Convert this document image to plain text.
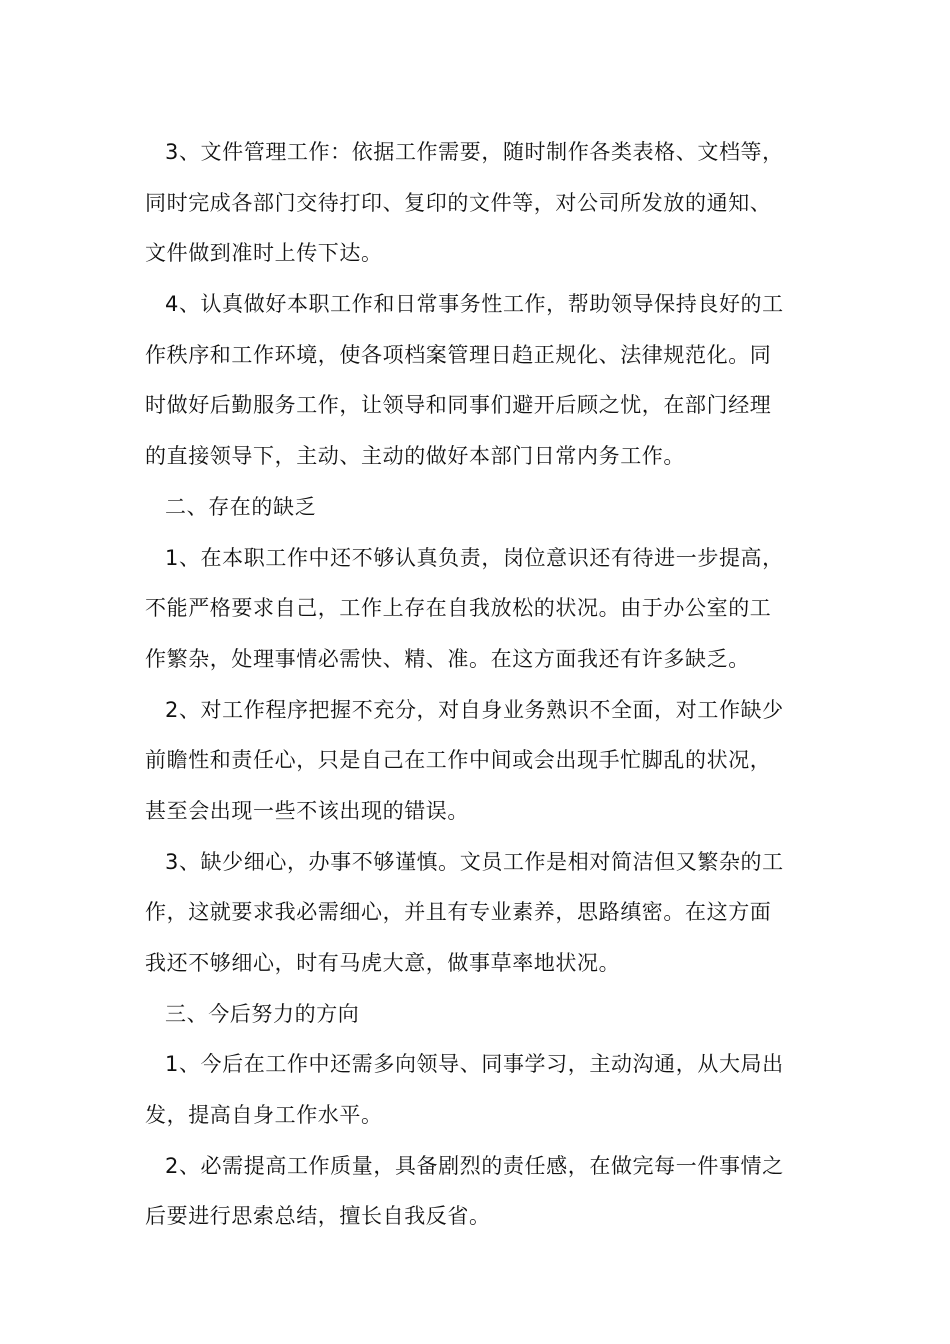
3、文件管理工作：依据工作需要，随时制作各类表格、文档等，
同时完成各部门交待打印、复印的文件等，对公司所发放的通知、
文件做到准时上传下达。
4、认真做好本职工作和日常事务性工作，帮助领导保持良好的工
作秩序和工作环境，使各项档案管理日趋正规化、法律规范化。同
时做好后勤服务工作，让领导和同事们避开后顾之忧，在部门经理
的直接领导下，主动、主动的做好本部门日常内务工作。
二、存在的缺乏
1、在本职工作中还不够认真负责，岗位意识还有待进一步提高，
不能严格要求自己，工作上存在自我放松的状况。由于办公室的工
作繁杂，处理事情必需快、精、准。在这方面我还有许多缺乏。
2、对工作程序把握不充分，对自身业务熟识不全面，对工作缺少
前瞻性和责任心，只是自己在工作中间或会出现手忙脚乱的状况，
甚至会出现一些不该出现的错误。
3、缺少细心，办事不够谨慎。文员工作是相对简洁但又繁杂的工
作，这就要求我必需细心，并且有专业素养，思路缜密。在这方面
我还不够细心，时有马虎大意，做事草率地状况。
三、今后努力的方向
1、今后在工作中还需多向领导、同事学习，主动沟通，从大局出
发，提高自身工作水平。
2、必需提高工作质量，具备剧烈的责任感，在做完每一件事情之
后要进行思索总结，擅长自我反省。
